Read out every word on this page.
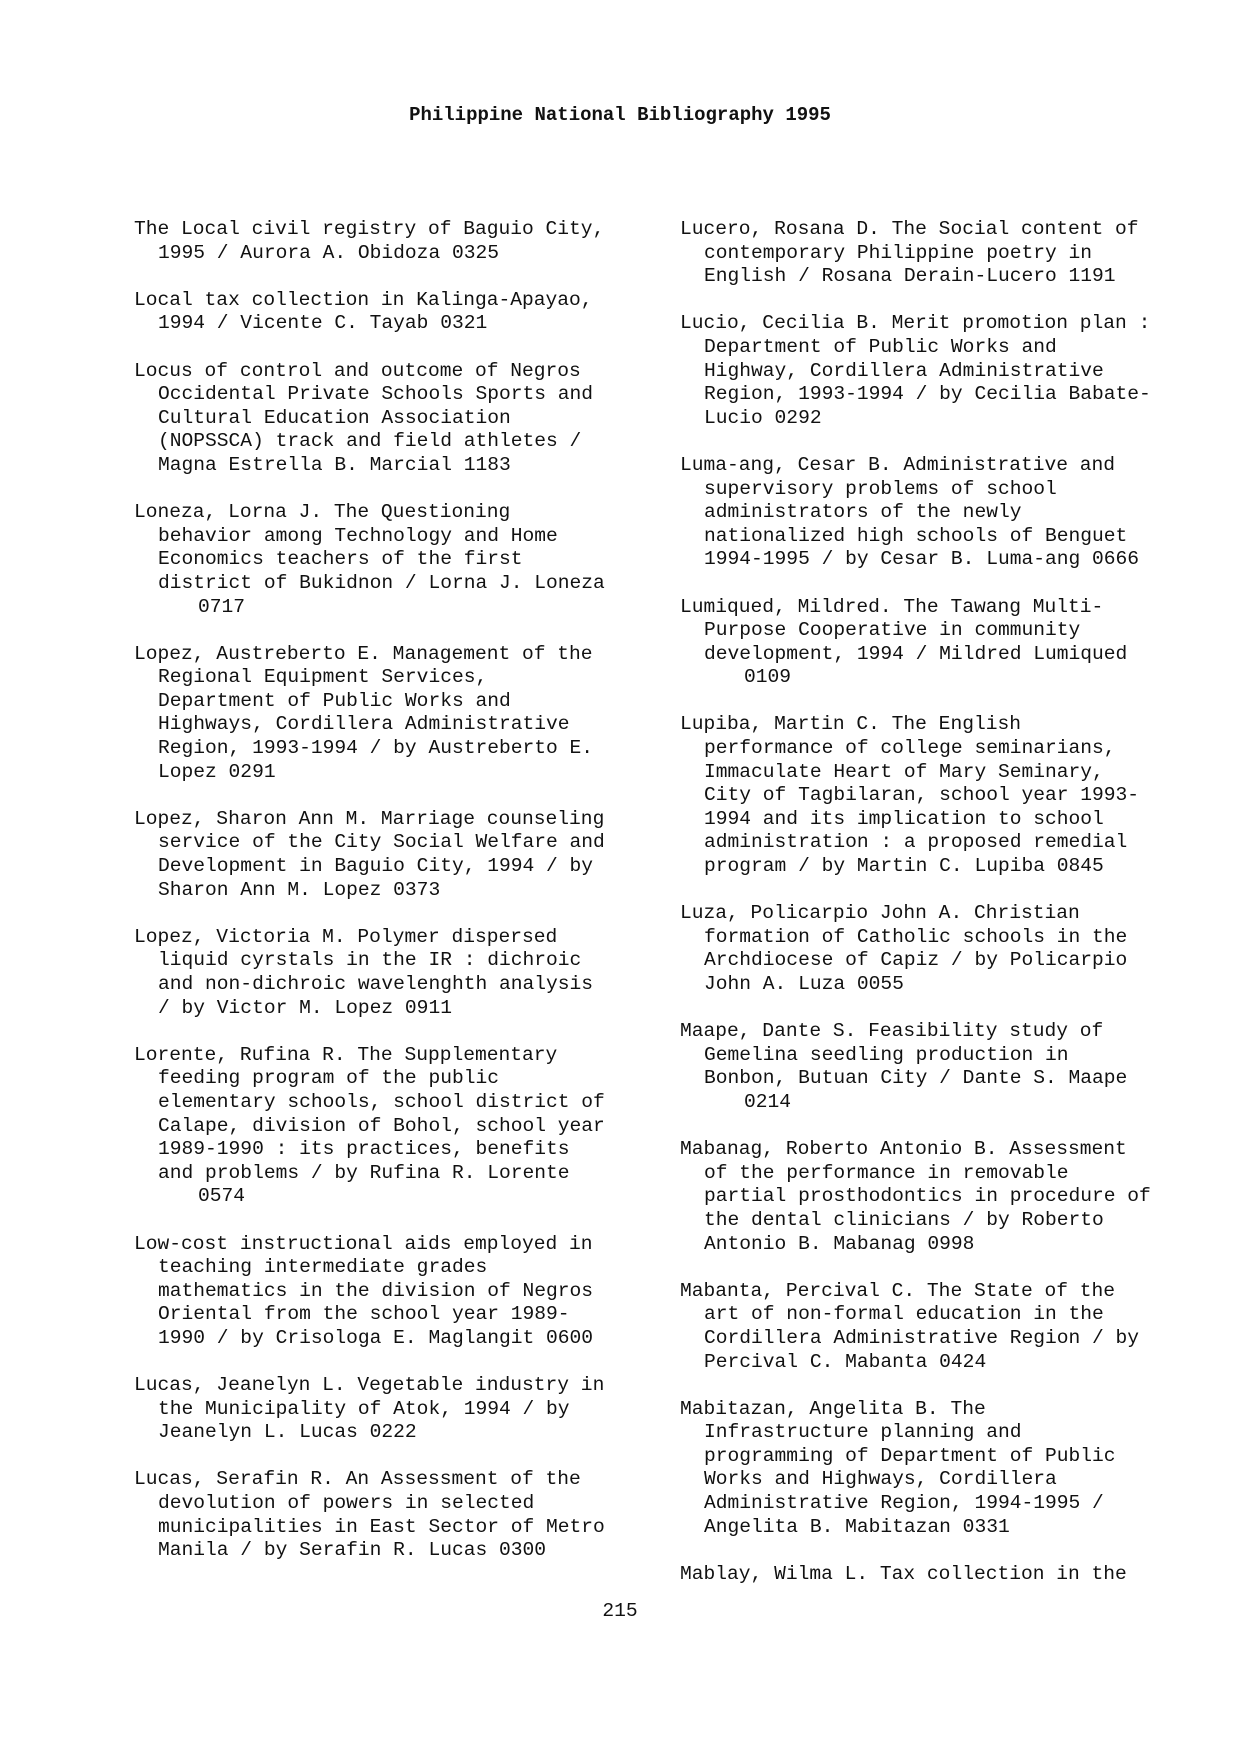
Philippine National Bibliography 1995
The Local civil registry of Baguio City,
1995 / Aurora A. Obidoza 0325
Local tax collection in Kalinga-Apayao,
1994 / Vicente C. Tayab 0321
Locus of control and outcome of Negros
Occidental Private Schools Sports and
Cultural Education Association
(NOPSSCA) track and field athletes /
Magna Estrella B. Marcial 1183
Loneza, Lorna J. The Questioning
behavior among Technology and Home
Economics teachers of the first
district of Bukidnon / Lorna J. Loneza
0717
Lopez, Austreberto E. Management of the
Regional Equipment Services,
Department of Public Works and
Highways, Cordillera Administrative
Region, 1993-1994 / by Austreberto E.
Lopez 0291
Lopez, Sharon Ann M. Marriage counseling
service of the City Social Welfare and
Development in Baguio City, 1994 / by
Sharon Ann M. Lopez 0373
Lopez, Victoria M. Polymer dispersed
liquid cyrstals in the IR : dichroic
and non-dichroic wavelenghth analysis
/ by Victor M. Lopez 0911
Lorente, Rufina R. The Supplementary
feeding program of the public
elementary schools, school district of
Calape, division of Bohol, school year
1989-1990 : its practices, benefits
and problems / by Rufina R. Lorente
0574
Low-cost instructional aids employed in
teaching intermediate grades
mathematics in the division of Negros
Oriental from the school year 1989-
1990 / by Crisologa E. Maglangit 0600
Lucas, Jeanelyn L. Vegetable industry in
the Municipality of Atok, 1994 / by
Jeanelyn L. Lucas 0222
Lucas, Serafin R. An Assessment of the
devolution of powers in selected
municipalities in East Sector of Metro
Manila / by Serafin R. Lucas 0300
Lucero, Rosana D. The Social content of
contemporary Philippine poetry in
English / Rosana Derain-Lucero 1191
Lucio, Cecilia B. Merit promotion plan :
Department of Public Works and
Highway, Cordillera Administrative
Region, 1993-1994 / by Cecilia Babate-
Lucio 0292
Luma-ang, Cesar B. Administrative and
supervisory problems of school
administrators of the newly
nationalized high schools of Benguet
1994-1995 / by Cesar B. Luma-ang 0666
Lumiqued, Mildred. The Tawang Multi-
Purpose Cooperative in community
development, 1994 / Mildred Lumiqued
0109
Lupiba, Martin C. The English
performance of college seminarians,
Immaculate Heart of Mary Seminary,
City of Tagbilaran, school year 1993-
1994 and its implication to school
administration : a proposed remedial
program / by Martin C. Lupiba 0845
Luza, Policarpio John A. Christian
formation of Catholic schools in the
Archdiocese of Capiz / by Policarpio
John A. Luza 0055
Maape, Dante S. Feasibility study of
Gemelina seedling production in
Bonbon, Butuan City / Dante S. Maape
0214
Mabanag, Roberto Antonio B. Assessment
of the performance in removable
partial prosthodontics in procedure of
the dental clinicians / by Roberto
Antonio B. Mabanag 0998
Mabanta, Percival C. The State of the
art of non-formal education in the
Cordillera Administrative Region / by
Percival C. Mabanta 0424
Mabitazan, Angelita B. The
Infrastructure planning and
programming of Department of Public
Works and Highways, Cordillera
Administrative Region, 1994-1995 /
Angelita B. Mabitazan 0331
Mablay, Wilma L. Tax collection in the
215
